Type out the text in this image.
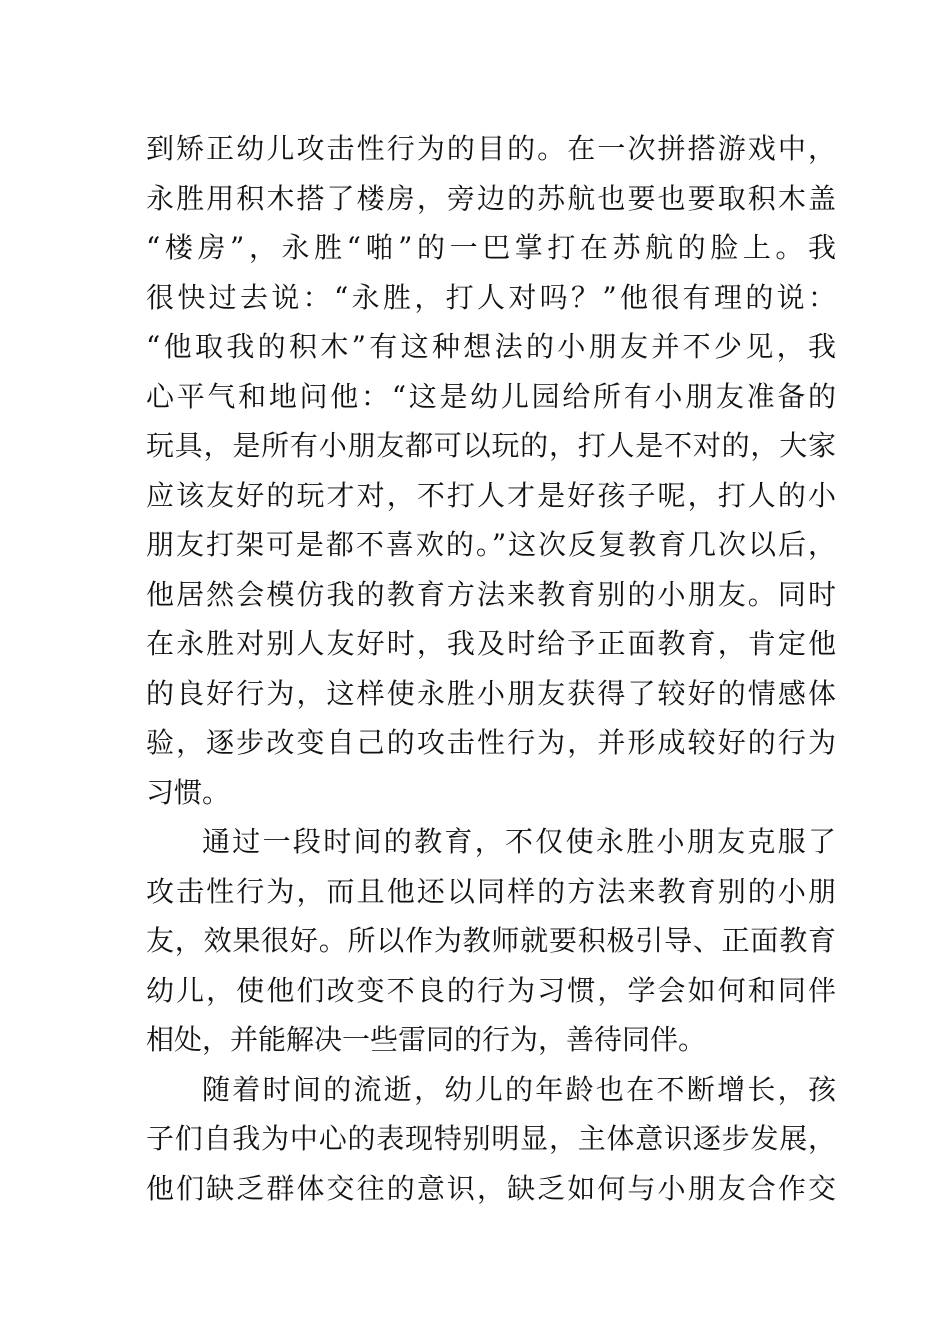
到矫正幼儿攻击性行为的目的。在一次拼搭游戏中，
永胜用积木搭了楼房，旁边的苏航也要也要取积木盖
“楼房”，永胜“啪”的一巴掌打在苏航的脸上。我
很快过去说：“永胜，打人对吗？”他很有理的说：
“他取我的积木”有这种想法的小朋友并不少见，我
心平气和地问他：“这是幼儿园给所有小朋友准备的
玩具，是所有小朋友都可以玩的，打人是不对的，大家
应该友好的玩才对，不打人才是好孩子呢，打人的小
朋友打架可是都不喜欢的。”这次反复教育几次以后，
他居然会模仿我的教育方法来教育别的小朋友。同时
在永胜对别人友好时，我及时给予正面教育，肯定他
的良好行为，这样使永胜小朋友获得了较好的情感体
验，逐步改变自己的攻击性行为，并形成较好的行为
习惯。
通过一段时间的教育，不仅使永胜小朋友克服了
攻击性行为，而且他还以同样的方法来教育别的小朋
友，效果很好。所以作为教师就要积极引导、正面教育
幼儿，使他们改变不良的行为习惯，学会如何和同伴
相处，并能解决一些雷同的行为，善待同伴。
随着时间的流逝，幼儿的年龄也在不断增长，孩
子们自我为中心的表现特别明显，主体意识逐步发展，
他们缺乏群体交往的意识，缺乏如何与小朋友合作交
